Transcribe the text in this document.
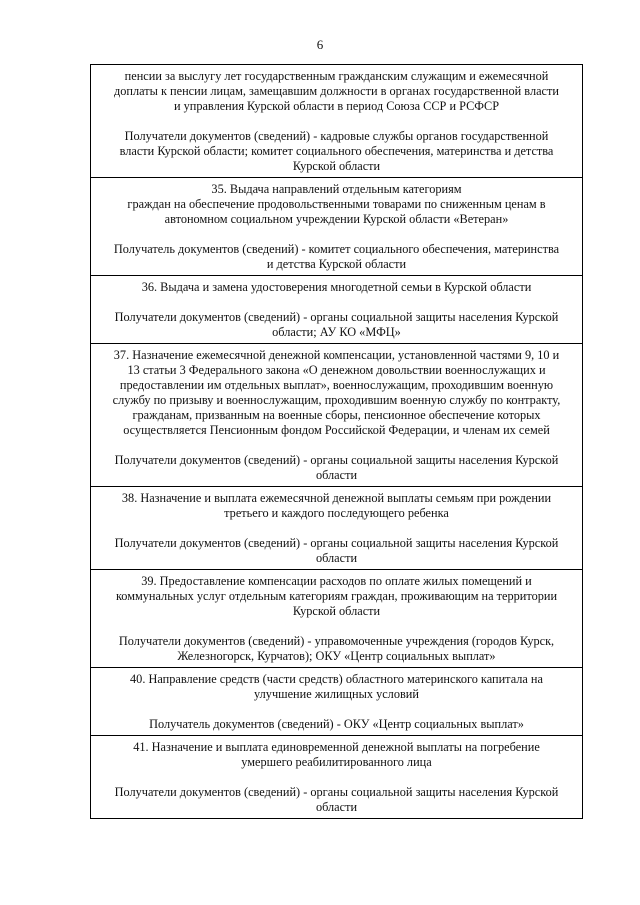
6

пенсии за выслугу лет государственным гражданским служащим и ежемесячной

доплаты к пенсии лицам, замещавшим должности в органах государственной власти

и управления Курской области в период Союза ССР и РСФСР

Получатели документов (сведений) - кадровые службы органов государственной

власти Курской области; комитет социального обеспечения, материнства и детства

Курской области

35. Выдача направлений отдельным категориям

граждан на обеспечение продовольственными товарами по сниженным ценам в

автономном социальном учреждении Курской области «Ветеран»

Получатель документов (сведений) - комитет социального обеспечения, материнства

и детства Курской области

36. Выдача и замена удостоверения многодетной семьи в Курской области

Получатели документов (сведений) - органы социальной защиты населения Курской

области; АУ КО «МФЦ»

37. Назначение ежемесячной денежной компенсации, установленной частями 9, 10 и

13 статьи 3 Федерального закона «О денежном довольствии военнослужащих и

предоставлении им отдельных выплат», военнослужащим, проходившим военную

службу по призыву и военнослужащим, проходившим военную службу по контракту,

гражданам, призванным на военные сборы, пенсионное обеспечение которых

осуществляется Пенсионным фондом Российской Федерации, и членам их семей

Получатели документов (сведений) - органы социальной защиты населения Курской

области

38. Назначение и выплата ежемесячной денежной выплаты семьям при рождении

третьего и каждого последующего ребенка

Получатели документов (сведений) - органы социальной защиты населения Курской

области

39. Предоставление компенсации расходов по оплате жилых помещений и

коммунальных услуг отдельным категориям граждан, проживающим на территории

Курской области

Получатели документов (сведений) - управомоченные учреждения (городов Курск,

Железногорск, Курчатов); ОКУ «Центр социальных выплат»

40. Направление средств (части средств) областного материнского капитала на

улучшение жилищных условий

Получатель документов (сведений) - ОКУ «Центр социальных выплат»

41. Назначение и выплата единовременной денежной выплаты на погребение

умершего реабилитированного лица

Получатели документов (сведений) - органы социальной защиты населения Курской

области
